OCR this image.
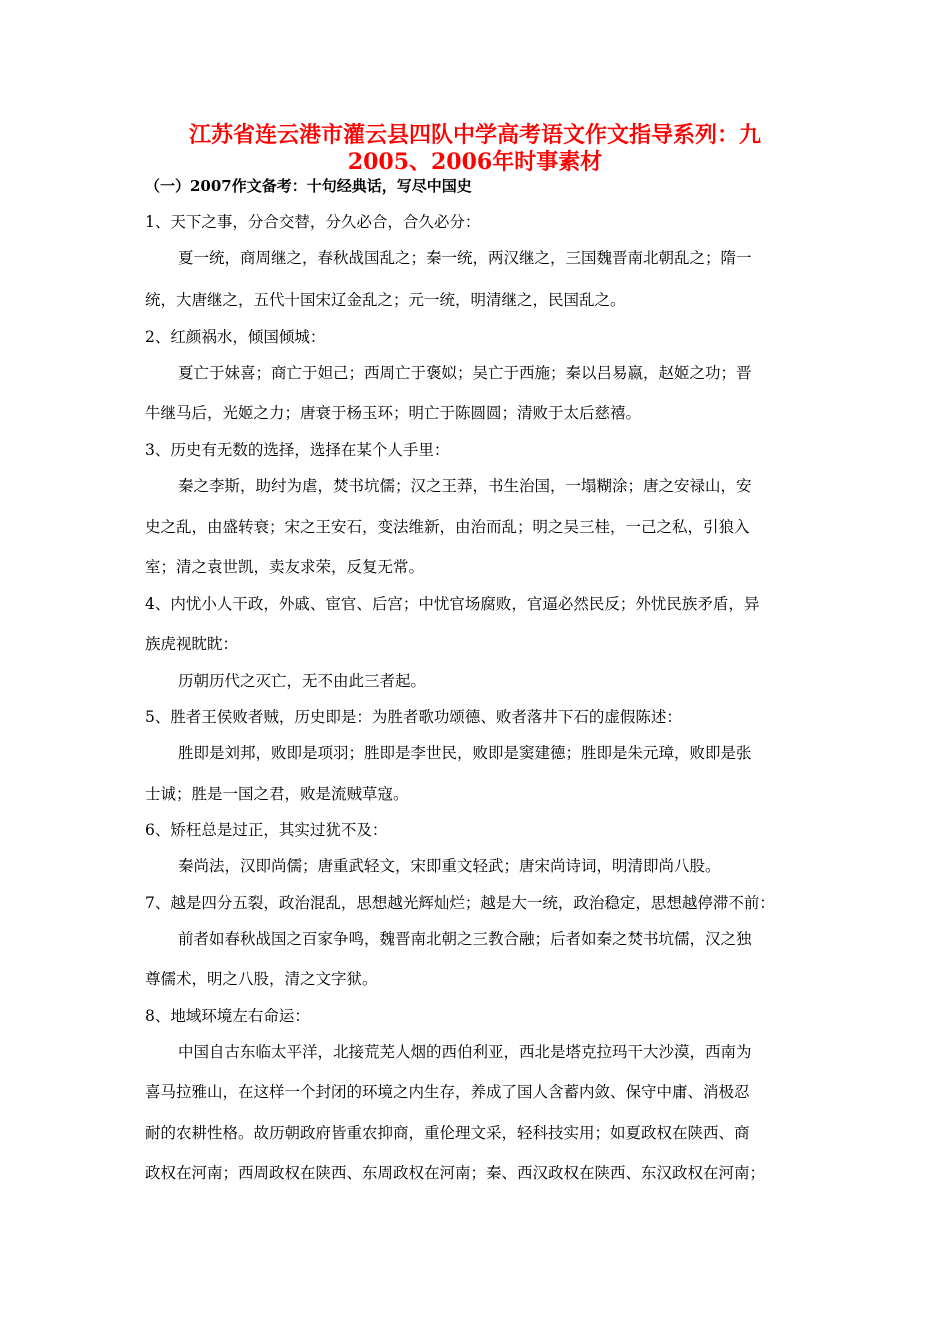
江苏省连云港市灌云县四队中学高考语文作文指导系列：九
2005、2006年时事素材

（一）2007作文备考：十句经典话，写尽中国史

1、天下之事，分合交替，分久必合，合久必分：

夏一统，商周继之，春秋战国乱之；秦一统，两汉继之，三国魏晋南北朝乱之；隋一

统，大唐继之，五代十国宋辽金乱之；元一统，明清继之，民国乱之。

2、红颜祸水，倾国倾城：

夏亡于妹喜；商亡于妲己；西周亡于褒姒；吴亡于西施；秦以吕易嬴，赵姬之功；晋

牛继马后，光姬之力；唐衰于杨玉环；明亡于陈圆圆；清败于太后慈禧。

3、历史有无数的选择，选择在某个人手里：

秦之李斯，助纣为虐，焚书坑儒；汉之王莽，书生治国，一塌糊涂；唐之安禄山，安

史之乱，由盛转衰；宋之王安石，变法维新，由治而乱；明之吴三桂，一己之私，引狼入

室；清之袁世凯，卖友求荣，反复无常。

4、内忧小人干政，外戚、宦官、后宫；中忧官场腐败，官逼必然民反；外忧民族矛盾，异

族虎视眈眈：

历朝历代之灭亡，无不由此三者起。

5、胜者王侯败者贼，历史即是：为胜者歌功颂德、败者落井下石的虚假陈述：

胜即是刘邦，败即是项羽；胜即是李世民，败即是窦建德；胜即是朱元璋，败即是张

士诚；胜是一国之君，败是流贼草寇。

6、矫枉总是过正，其实过犹不及：

秦尚法，汉即尚儒；唐重武轻文，宋即重文轻武；唐宋尚诗词，明清即尚八股。

7、越是四分五裂，政治混乱，思想越光辉灿烂；越是大一统，政治稳定，思想越停滞不前：

前者如春秋战国之百家争鸣，魏晋南北朝之三教合融；后者如秦之焚书坑儒，汉之独

尊儒术，明之八股，清之文字狱。

8、地域环境左右命运：

中国自古东临太平洋，北接荒芜人烟的西伯利亚，西北是塔克拉玛干大沙漠，西南为

喜马拉雅山，在这样一个封闭的环境之内生存，养成了国人含蓄内敛、保守中庸、消极忍

耐的农耕性格。故历朝政府皆重农抑商，重伦理文采，轻科技实用；如夏政权在陕西、商

政权在河南；西周政权在陕西、东周政权在河南；秦、西汉政权在陕西、东汉政权在河南；
